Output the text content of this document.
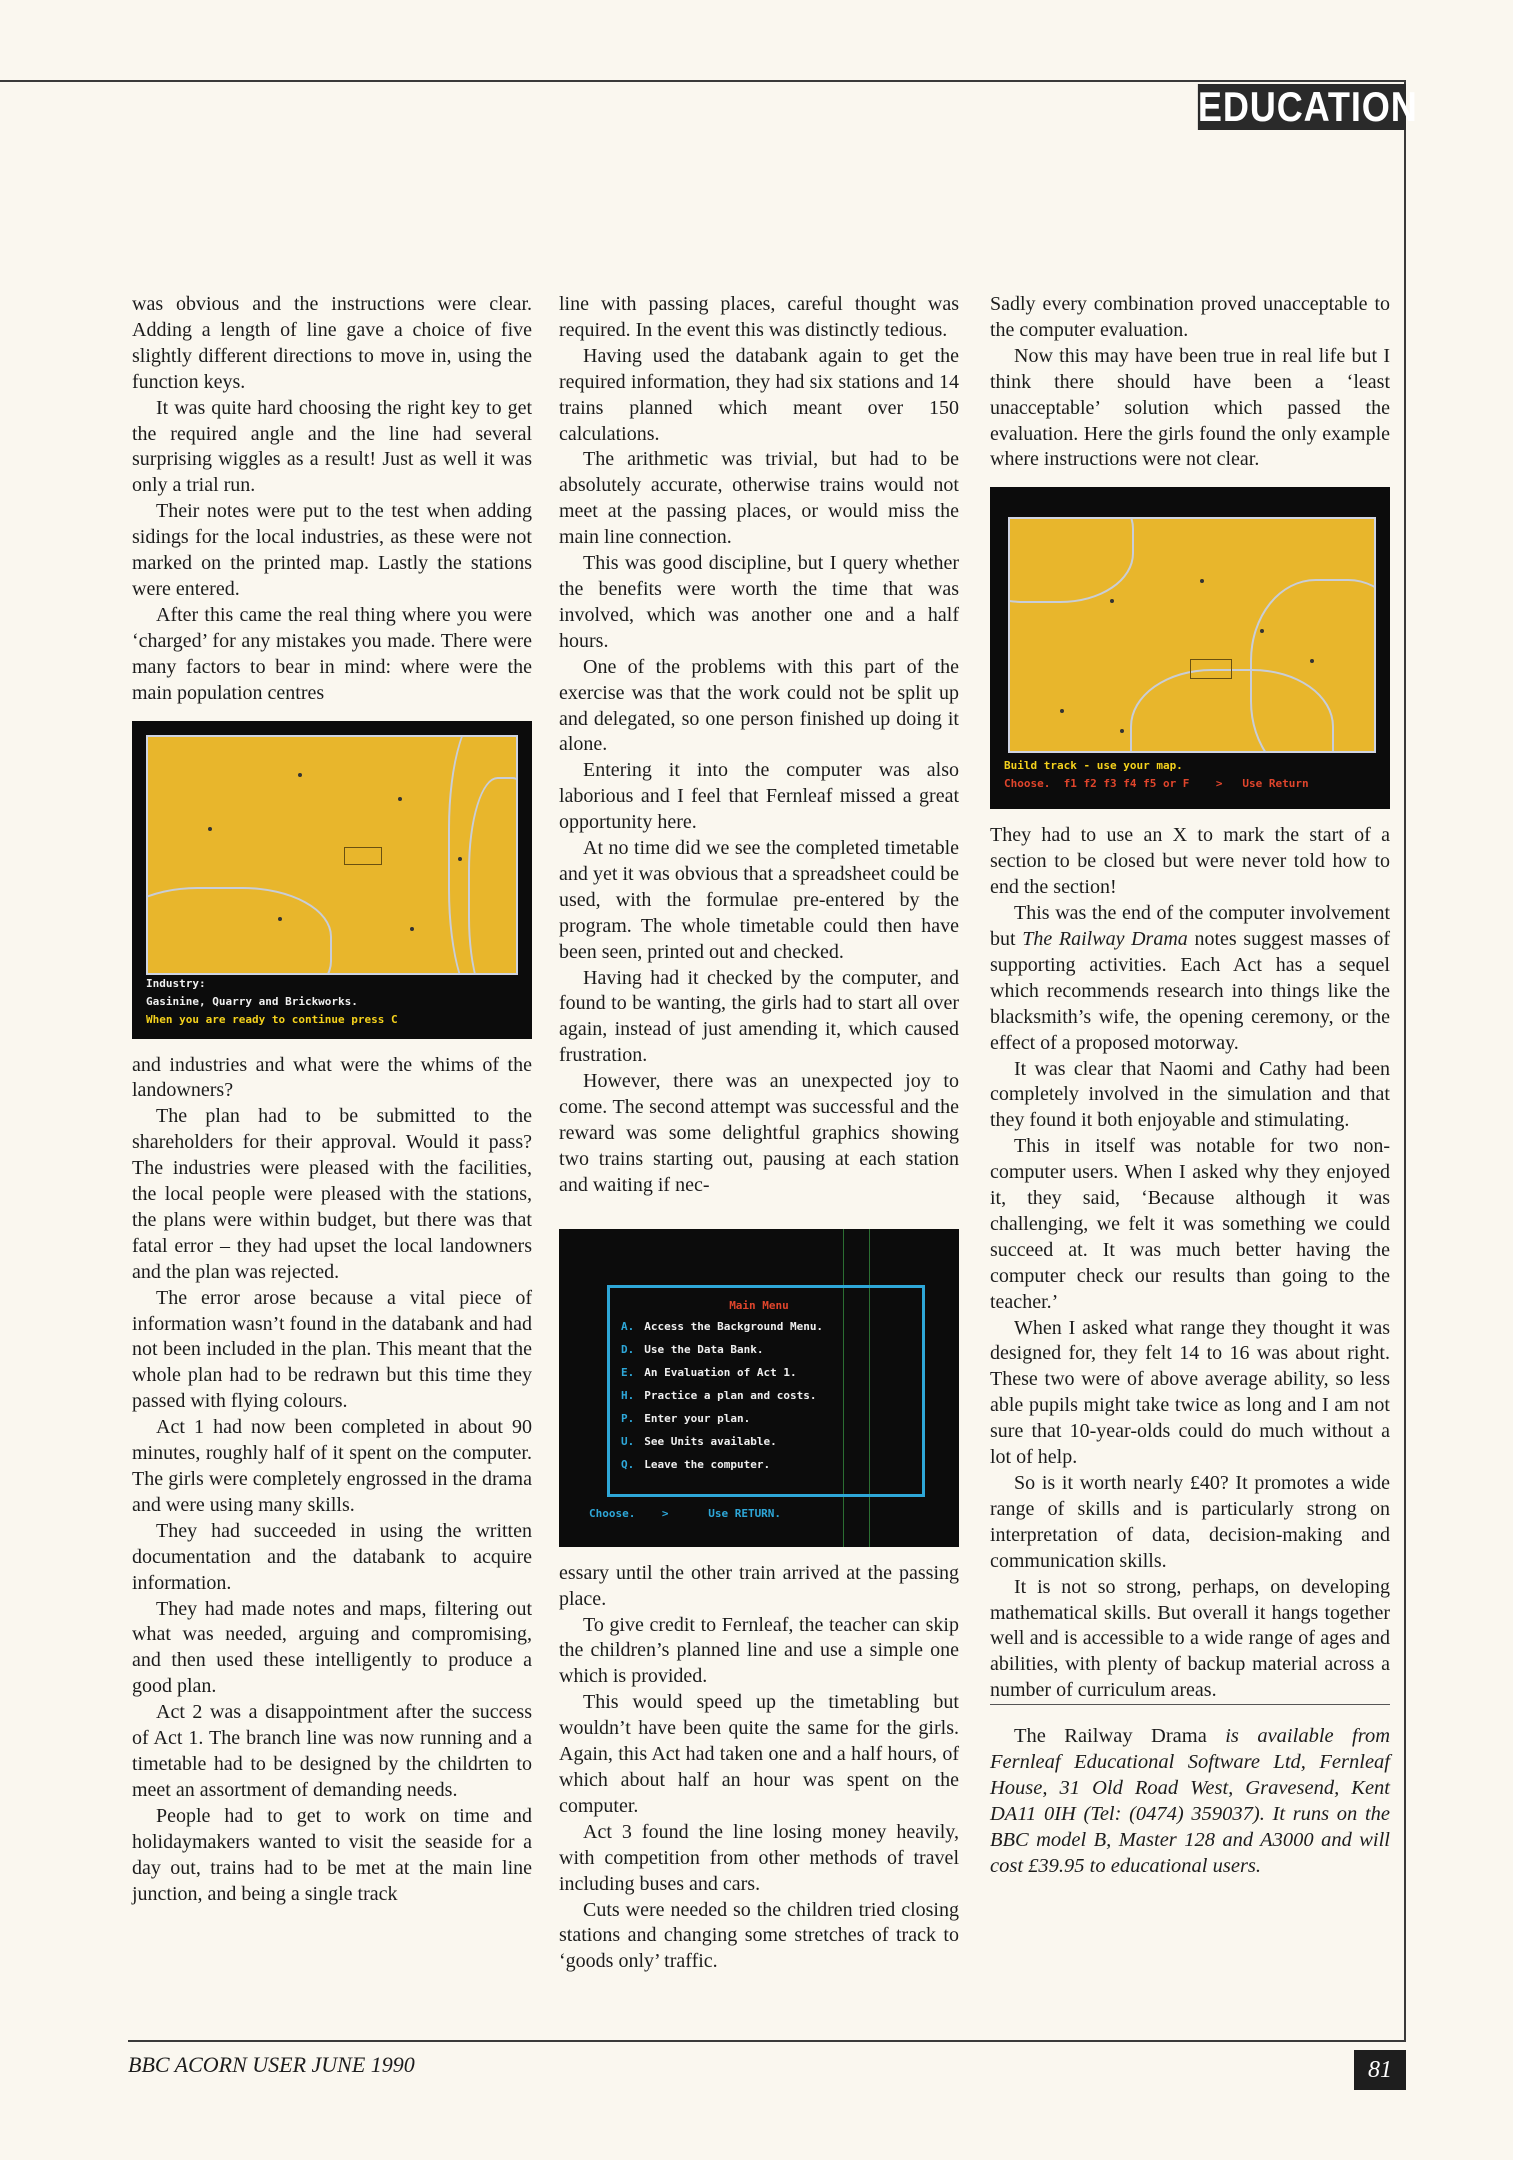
EDUCATION

was obvious and the instructions were clear. Adding a length of line gave a choice of five slightly different directions to move in, using the function keys.

It was quite hard choosing the right key to get the required angle and the line had several surprising wiggles as a result! Just as well it was only a trial run.

Their notes were put to the test when adding sidings for the local industries, as these were not marked on the printed map. Lastly the stations were entered.

After this came the real thing where you were ‘charged’ for any mistakes you made. There were many factors to bear in mind: where were the main population centres

Industry:
Gasinine, Quarry and Brickworks.
When you are ready to continue press C

and industries and what were the whims of the landowners?

The plan had to be submitted to the shareholders for their approval. Would it pass? The industries were pleased with the facilities, the local people were pleased with the stations, the plans were within budget, but there was that fatal error – they had upset the local landowners and the plan was rejected.

The error arose because a vital piece of information wasn’t found in the databank and had not been included in the plan. This meant that the whole plan had to be redrawn but this time they passed with flying colours.

Act 1 had now been completed in about 90 minutes, roughly half of it spent on the computer. The girls were completely engrossed in the drama and were using many skills.

They had succeeded in using the written documentation and the databank to acquire information.

They had made notes and maps, filtering out what was needed, arguing and compromising, and then used these intelligently to produce a good plan.

Act 2 was a disappointment after the success of Act 1. The branch line was now running and a timetable had to be designed by the childrten to meet an assortment of demanding needs.

People had to get to work on time and holidaymakers wanted to visit the seaside for a day out, trains had to be met at the main line junction, and being a single track

line with passing places, careful thought was required. In the event this was distinctly tedious.

Having used the databank again to get the required information, they had six stations and 14 trains planned which meant over 150 calculations.

The arithmetic was trivial, but had to be absolutely accurate, otherwise trains would not meet at the passing places, or would miss the main line connection.

This was good discipline, but I query whether the benefits were worth the time that was involved, which was another one and a half hours.

One of the problems with this part of the exercise was that the work could not be split up and delegated, so one person finished up doing it alone.

Entering it into the computer was also laborious and I feel that Fernleaf missed a great opportunity here.

At no time did we see the completed timetable and yet it was obvious that a spreadsheet could be used, with the formulae pre-entered by the program. The whole timetable could then have been seen, printed out and checked.

Having had it checked by the computer, and found to be wanting, the girls had to start all over again, instead of just amending it, which caused frustration.

However, there was an unexpected joy to come. The second attempt was successful and the reward was some delightful graphics showing two trains starting out, pausing at each station and waiting if nec-

Main Menu
A. Access the Background Menu.
D. Use the Data Bank.
E. An Evaluation of Act 1.
H. Practice a plan and costs.
P. Enter your plan.
U. See Units available.
Q. Leave the computer.
Choose.    >      Use RETURN.

essary until the other train arrived at the passing place.

To give credit to Fernleaf, the teacher can skip the children’s planned line and use a simple one which is provided.

This would speed up the timetabling but wouldn’t have been quite the same for the girls. Again, this Act had taken one and a half hours, of which about half an hour was spent on the computer.

Act 3 found the line losing money heavily, with competition from other methods of travel including buses and cars.

Cuts were needed so the children tried closing stations and changing some stretches of track to ‘goods only’ traffic.

Sadly every combination proved unacceptable to the computer evaluation.

Now this may have been true in real life but I think there should have been a ‘least unacceptable’ solution which passed the evaluation. Here the girls found the only example where instructions were not clear.

Build track - use your map.
Choose.  f1 f2 f3 f4 f5 or F    >   Use Return

They had to use an X to mark the start of a section to be closed but were never told how to end the section!

This was the end of the computer involvement but The Railway Drama notes suggest masses of supporting activities. Each Act has a sequel which recommends research into things like the blacksmith’s wife, the opening ceremony, or the effect of a proposed motorway.

It was clear that Naomi and Cathy had been completely involved in the simulation and that they found it both enjoyable and stimulating.

This in itself was notable for two non-computer users. When I asked why they enjoyed it, they said, ‘Because although it was challenging, we felt it was something we could succeed at. It was much better having the computer check our results than going to the teacher.’

When I asked what range they thought it was designed for, they felt 14 to 16 was about right. These two were of above average ability, so less able pupils might take twice as long and I am not sure that 10-year-olds could do much without a lot of help.

So is it worth nearly £40? It promotes a wide range of skills and is particularly strong on interpretation of data, decision-making and communication skills.

It is not so strong, perhaps, on developing mathematical skills. But overall it hangs together well and is accessible to a wide range of ages and abilities, with plenty of backup material across a number of curriculum areas.

The Railway Drama is available from Fernleaf Educational Software Ltd, Fernleaf House, 31 Old Road West, Gravesend, Kent DA11 0IH (Tel: (0474) 359037). It runs on the BBC model B, Master 128 and A3000 and will cost £39.95 to educational users.

BBC ACORN USER JUNE 1990	81
